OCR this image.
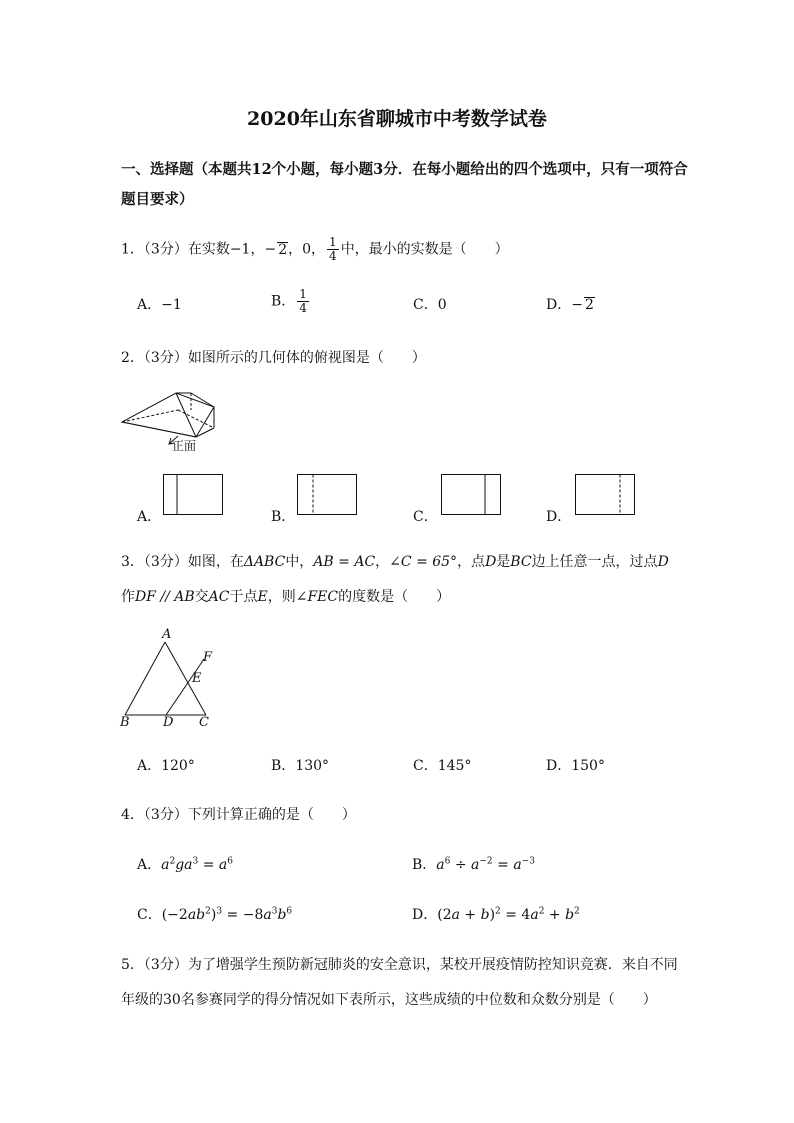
2020年山东省聊城市中考数学试卷
一、选择题（本题共12个小题，每小题3分．在每小题给出的四个选项中，只有一项符合
题目要求）
1．（3分）在实数−1，− 2，0， $\frac{1}{4}$ 中，最小的实数是（　　）
A．−1	B． $\frac{1}{4}$	C．0	D．− 2
2．（3分）如图所示的几何体的俯视图是（　　）
正面
A．	B．	C．	D．
3．（3分）如图，在ΔABC中，AB = AC，∠C = 65°，点D是BC边上任意一点，过点D
作DF // AB交AC于点E，则∠FEC的度数是（　　）
A
F
E
B	D C
A．120°	B．130°	C．145°	D．150°
4．（3分）下列计算正确的是（　　）
A．$a^2ga^3 = a^6$	B．$a^6 \div a^{-2} = a^{-3}$
C．$(-2ab^2)^3 = -8a^3b^6$	D．$(2a + b)^2 = 4a^2 + b^2$
5．（3分）为了增强学生预防新冠肺炎的安全意识，某校开展疫情防控知识竞赛．来自不同
年级的30名参赛同学的得分情况如下表所示，这些成绩的中位数和众数分别是（　　）
